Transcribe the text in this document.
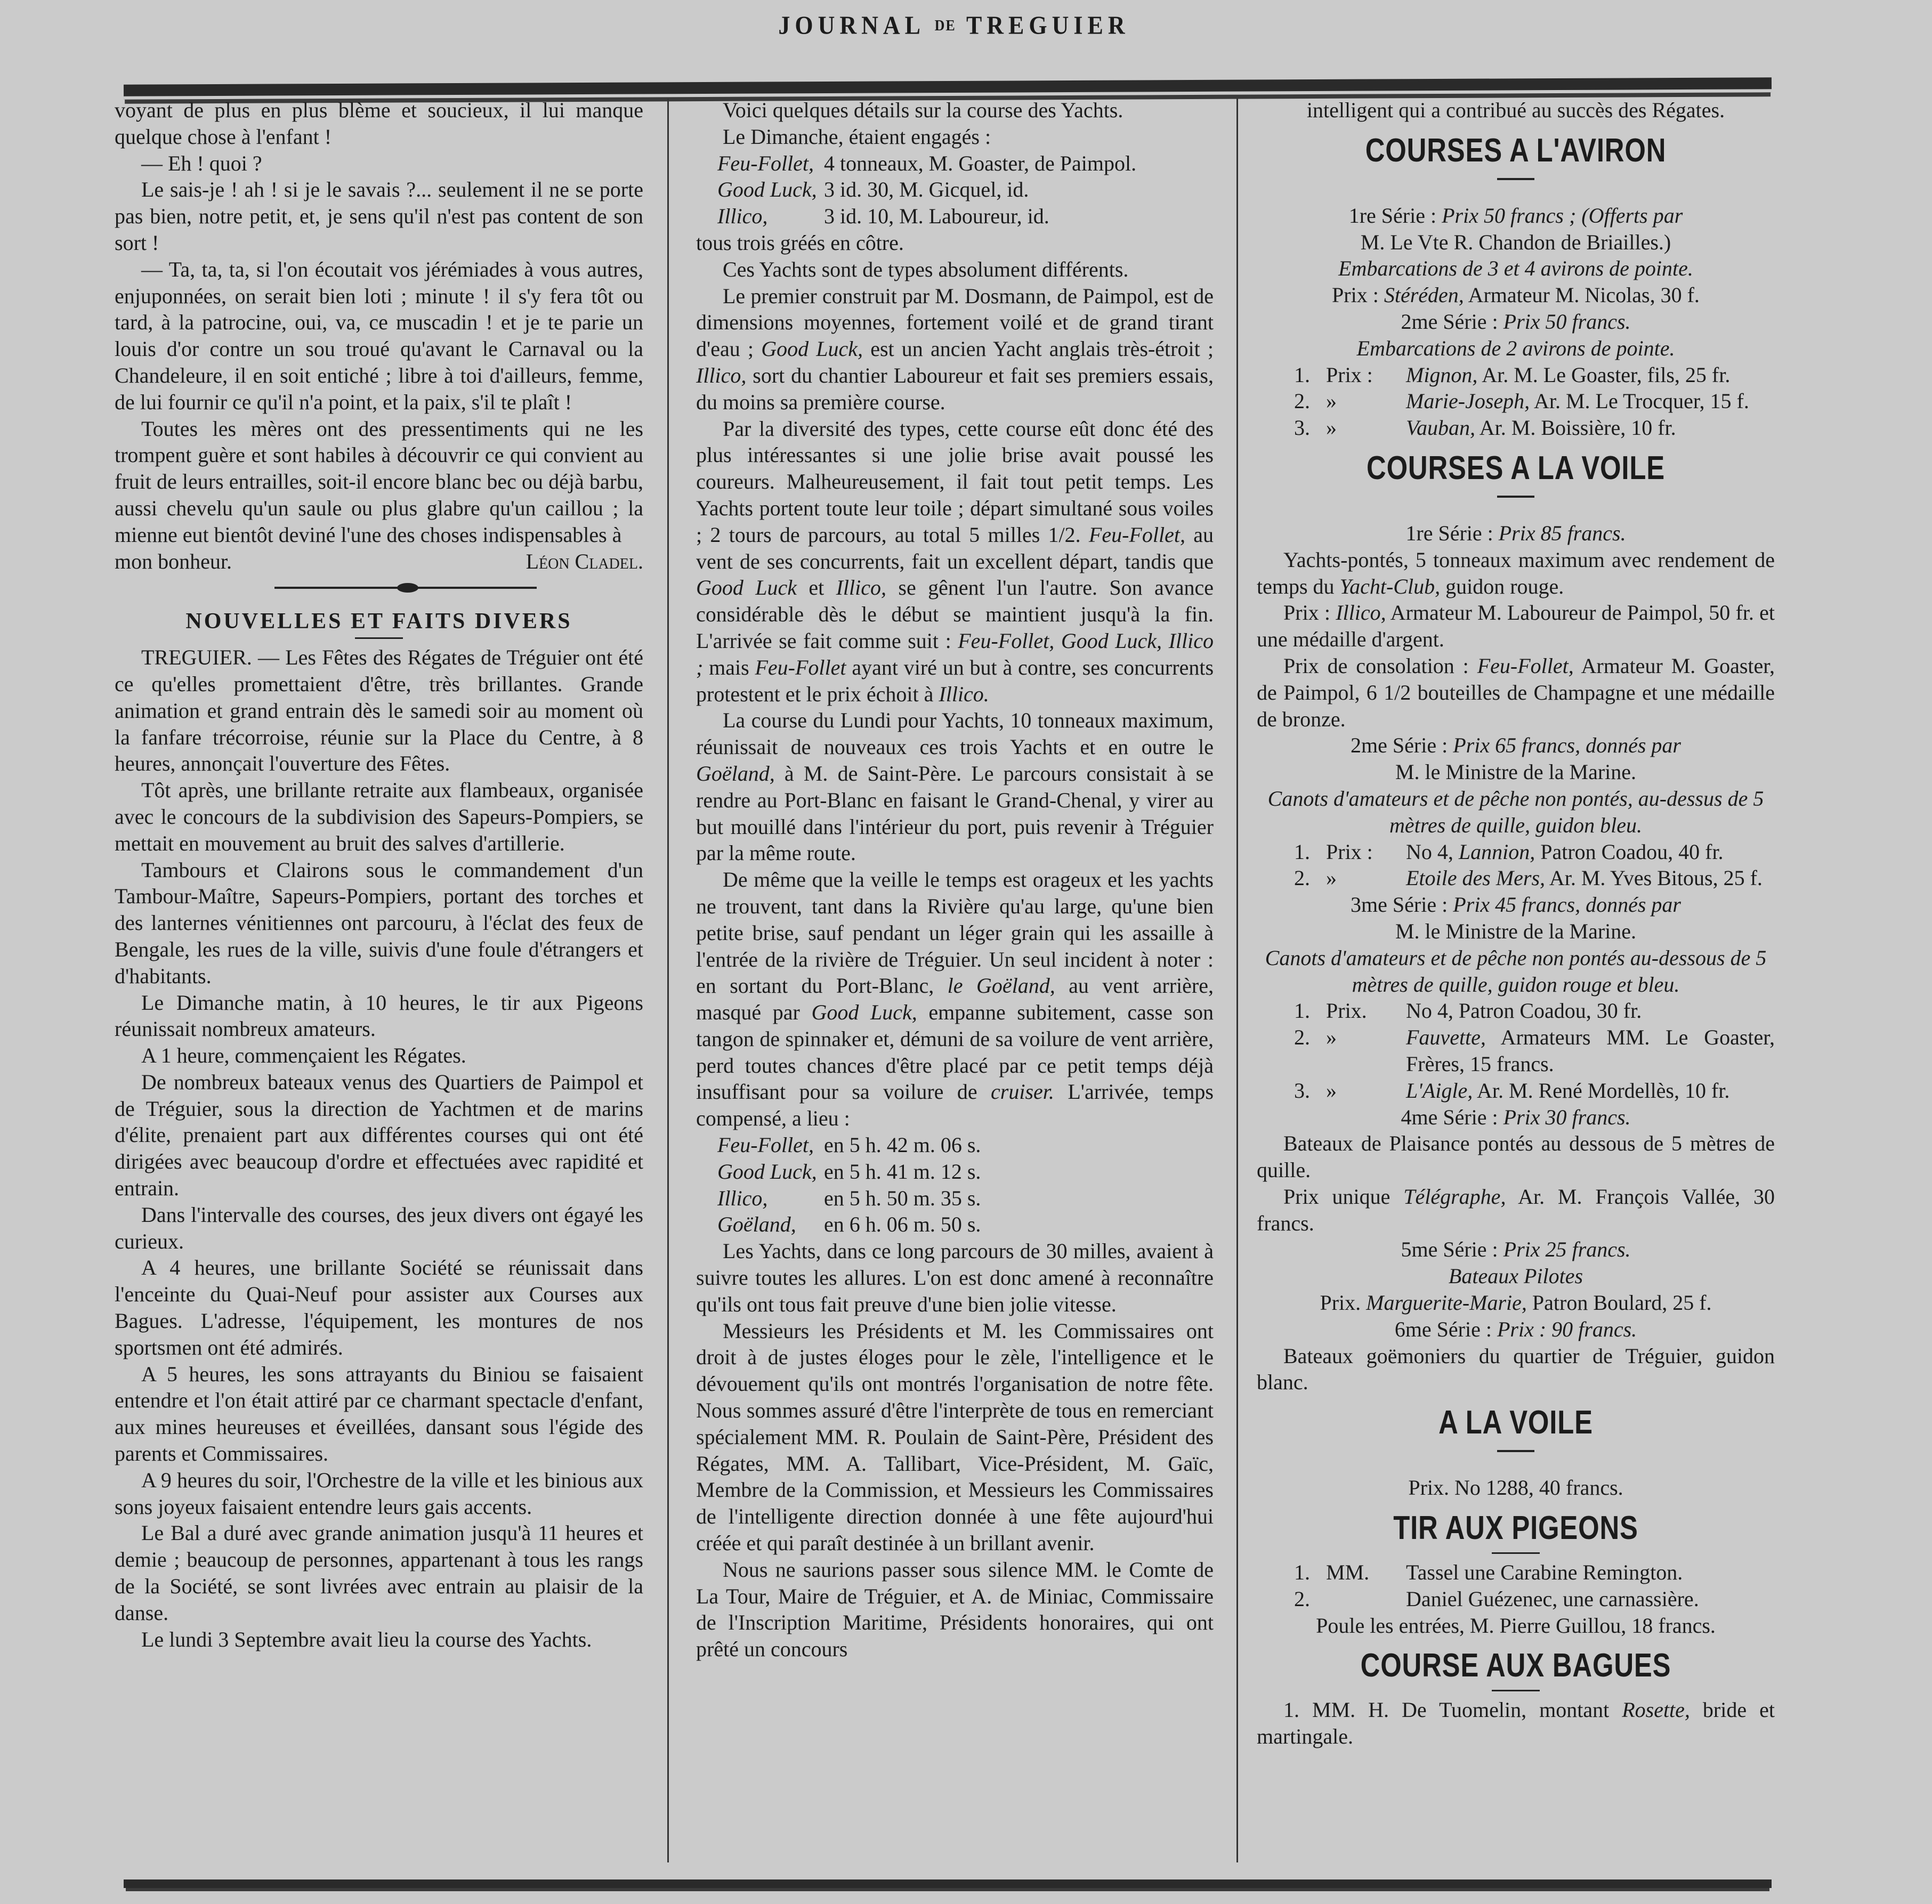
JOURNAL DE TREGUIER

voyant de plus en plus blème et soucieux, il lui manque quelque chose à l'enfant !

— Eh ! quoi ?

Le sais-je ! ah ! si je le savais ?... seulement il ne se porte pas bien, notre petit, et, je sens qu'il n'est pas content de son sort !

— Ta, ta, ta, si l'on écoutait vos jérémiades à vous autres, enjuponnées, on serait bien loti ; minute ! il s'y fera tôt ou tard, à la patrocine, oui, va, ce muscadin ! et je te parie un louis d'or contre un sou troué qu'avant le Carnaval ou la Chandeleure, il en soit entiché ; libre à toi d'ailleurs, femme, de lui fournir ce qu'il n'a point, et la paix, s'il te plaît !

Toutes les mères ont des pressentiments qui ne les trompent guère et sont habiles à découvrir ce qui convient au fruit de leurs entrailles, soit-il encore blanc bec ou déjà barbu, aussi chevelu qu'un saule ou plus glabre qu'un caillou ; la mienne eut bientôt deviné l'une des choses indispensables à

mon bonheur.	Léon Cladel.

NOUVELLES ET FAITS DIVERS

TREGUIER. — Les Fêtes des Régates de Tréguier ont été ce qu'elles promettaient d'être, très brillantes. Grande animation et grand entrain dès le samedi soir au moment où la fanfare trécorroise, réunie sur la Place du Centre, à 8 heures, annonçait l'ouverture des Fêtes.

Tôt après, une brillante retraite aux flambeaux, organisée avec le concours de la subdivision des Sapeurs-Pompiers, se mettait en mouvement au bruit des salves d'artillerie.

Tambours et Clairons sous le commandement d'un Tambour-Maître, Sapeurs-Pompiers, portant des torches et des lanternes vénitiennes ont parcouru, à l'éclat des feux de Bengale, les rues de la ville, suivis d'une foule d'étrangers et d'habitants.

Le Dimanche matin, à 10 heures, le tir aux Pigeons réunissait nombreux amateurs.

A 1 heure, commençaient les Régates.

De nombreux bateaux venus des Quartiers de Paimpol et de Tréguier, sous la direction de Yachtmen et de marins d'élite, prenaient part aux différentes courses qui ont été dirigées avec beaucoup d'ordre et effectuées avec rapidité et entrain.

Dans l'intervalle des courses, des jeux divers ont égayé les curieux.

A 4 heures, une brillante Société se réunissait dans l'enceinte du Quai-Neuf pour assister aux Courses aux Bagues. L'adresse, l'équipement, les montures de nos sportsmen ont été admirés.

A 5 heures, les sons attrayants du Biniou se faisaient entendre et l'on était attiré par ce charmant spectacle d'enfant, aux mines heureuses et éveillées, dansant sous l'égide des parents et Commissaires.

A 9 heures du soir, l'Orchestre de la ville et les binious aux sons joyeux faisaient entendre leurs gais accents.

Le Bal a duré avec grande animation jusqu'à 11 heures et demie ; beaucoup de personnes, appartenant à tous les rangs de la Société, se sont livrées avec entrain au plaisir de la danse.

Le lundi 3 Septembre avait lieu la course des Yachts.

Voici quelques détails sur la course des Yachts.

Le Dimanche, étaient engagés :

Feu-Follet, 4 tonneaux, M. Goaster, de Paimpol.
Good Luck, 3 id. 30, M. Gicquel, id.
Illico,	3 id. 10, M. Laboureur, id.

tous trois gréés en côtre.

Ces Yachts sont de types absolument différents.

Le premier construit par M. Dosmann, de Paimpol, est de dimensions moyennes, fortement voilé et de grand tirant d'eau ; Good Luck, est un ancien Yacht anglais très-étroit ; Illico, sort du chantier Laboureur et fait ses premiers essais, du moins sa première course.

Par la diversité des types, cette course eût donc été des plus intéressantes si une jolie brise avait poussé les coureurs. Malheureusement, il fait tout petit temps. Les Yachts portent toute leur toile ; départ simultané sous voiles ; 2 tours de parcours, au total 5 milles 1/2. Feu-Follet, au vent de ses concurrents, fait un excellent départ, tandis que Good Luck et Illico, se gênent l'un l'autre. Son avance considérable dès le début se maintient jusqu'à la fin. L'arrivée se fait comme suit : Feu-Follet, Good Luck, Illico ; mais Feu-Follet ayant viré un but à contre, ses concurrents protestent et le prix échoit à Illico.

La course du Lundi pour Yachts, 10 tonneaux maximum, réunissait de nouveaux ces trois Yachts et en outre le Goëland, à M. de Saint-Père. Le parcours consistait à se rendre au Port-Blanc en faisant le Grand-Chenal, y virer au but mouillé dans l'intérieur du port, puis revenir à Tréguier par la même route.

De même que la veille le temps est orageux et les yachts ne trouvent, tant dans la Rivière qu'au large, qu'une bien petite brise, sauf pendant un léger grain qui les assaille à l'entrée de la rivière de Tréguier. Un seul incident à noter : en sortant du Port-Blanc, le Goëland, au vent arrière, masqué par Good Luck, empanne subitement, casse son tangon de spinnaker et, démuni de sa voilure de vent arrière, perd toutes chances d'être placé par ce petit temps déjà insuffisant pour sa voilure de cruiser. L'arrivée, temps compensé, a lieu :

Feu-Follet, en 5 h. 42 m. 06 s.
Good Luck, en 5 h. 41 m. 12 s.
Illico,	en 5 h. 50 m. 35 s.
Goëland,	en 6 h. 06 m. 50 s.

Les Yachts, dans ce long parcours de 30 milles, avaient à suivre toutes les allures. L'on est donc amené à reconnaître qu'ils ont tous fait preuve d'une bien jolie vitesse.

Messieurs les Présidents et M. les Commissaires ont droit à de justes éloges pour le zèle, l'intelligence et le dévouement qu'ils ont montrés l'organisation de notre fête. Nous sommes assuré d'être l'interprète de tous en remerciant spécialement MM. R. Poulain de Saint-Père, Président des Régates, MM. A. Tallibart, Vice-Président, M. Gaïc, Membre de la Commission, et Messieurs les Commissaires de l'intelligente direction donnée à une fête aujourd'hui créée et qui paraît destinée à un brillant avenir.

Nous ne saurions passer sous silence MM. le Comte de La Tour, Maire de Tréguier, et A. de Miniac, Commissaire de l'Inscription Maritime, Présidents honoraires, qui ont prêté un concours

intelligent qui a contribué au succès des Régates.

COURSES A L'AVIRON

1re Série : Prix 50 francs ; (Offerts par

M. Le Vte R. Chandon de Briailles.)

Embarcations de 3 et 4 avirons de pointe.

Prix : Stéréden, Armateur M. Nicolas, 30 f.

2me Série : Prix 50 francs.

Embarcations de 2 avirons de pointe.

1. Prix :	Mignon, Ar. M. Le Goaster, fils, 25 fr.
2. »	Marie-Joseph, Ar. M. Le Trocquer, 15 f.
3. »	Vauban, Ar. M. Boissière, 10 fr.
COURSES A LA VOILE

1re Série : Prix 85 francs.

Yachts-pontés, 5 tonneaux maximum avec rendement de temps du Yacht-Club, guidon rouge.

Prix : Illico, Armateur M. Laboureur de Paimpol, 50 fr. et une médaille d'argent.

Prix de consolation : Feu-Follet, Armateur M. Goaster, de Paimpol, 6 1/2 bouteilles de Champagne et une médaille de bronze.

2me Série : Prix 65 francs, donnés par

M. le Ministre de la Marine.

Canots d'amateurs et de pêche non pontés, au-dessus de 5 mètres de quille, guidon bleu.

1. Prix :	No 4, Lannion, Patron Coadou, 40 fr.
2. »	Etoile des Mers, Ar. M. Yves Bitous, 25 f.

3me Série : Prix 45 francs, donnés par

M. le Ministre de la Marine.

Canots d'amateurs et de pêche non pontés au-dessous de 5 mètres de quille, guidon rouge et bleu.

1. Prix.	No 4, Patron Coadou, 30 fr.
2. »	Fauvette, Armateurs MM. Le Goaster, Frères, 15 francs.
3. »	L'Aigle, Ar. M. René Mordellès, 10 fr.

4me Série : Prix 30 francs.

Bateaux de Plaisance pontés au dessous de 5 mètres de quille.

Prix unique Télégraphe, Ar. M. François Vallée, 30 francs.

5me Série : Prix 25 francs.

Bateaux Pilotes

Prix. Marguerite-Marie, Patron Boulard, 25 f.

6me Série : Prix : 90 francs.

Bateaux goëmoniers du quartier de Tréguier, guidon blanc.

A LA VOILE

Prix. No 1288, 40 francs.

TIR AUX PIGEONS
1. MM.	Tassel une Carabine Remington.
2.	Daniel Guézenec, une carnassière.

Poule les entrées, M. Pierre Guillou, 18 francs.

COURSE AUX BAGUES

1. MM. H. De Tuomelin, montant Rosette, bride et martingale.
